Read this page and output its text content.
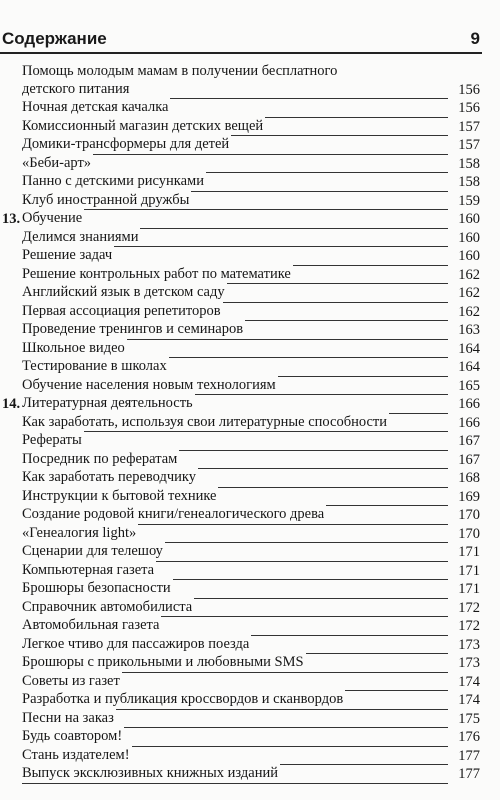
Содержание	9
Помощь молодым мамам в получении бесплатного
детского питания	156
Ночная детская качалка	156
Комиссионный магазин детских вещей	157
Домики-трансформеры для детей	157
«Беби-арт»	158
Панно с детскими рисунками	158
Клуб иностранной дружбы	159
13. Обучение	160
Делимся знаниями	160
Решение задач	160
Решение контрольных работ по математике	162
Английский язык в детском саду	162
Первая ассоциация репетиторов	162
Проведение тренингов и семинаров	163
Школьное видео	164
Тестирование в школах	164
Обучение населения новым технологиям	165
14. Литературная деятельность	166
Как заработать, используя свои литературные способности	166
Рефераты	167
Посредник по рефератам	167
Как заработать переводчику	168
Инструкции к бытовой технике	169
Создание родовой книги/генеалогического древа	170
«Генеалогия light»	170
Сценарии для телешоу	171
Компьютерная газета	171
Брошюры безопасности	171
Справочник автомобилиста	172
Автомобильная газета	172
Легкое чтиво для пассажиров поезда	173
Брошюры с прикольными и любовными SMS	173
Советы из газет	174
Разработка и публикация кроссвордов и сканвордов	174
Песни на заказ	175
Будь соавтором!	176
Стань издателем!	177
Выпуск эксклюзивных книжных изданий	177
